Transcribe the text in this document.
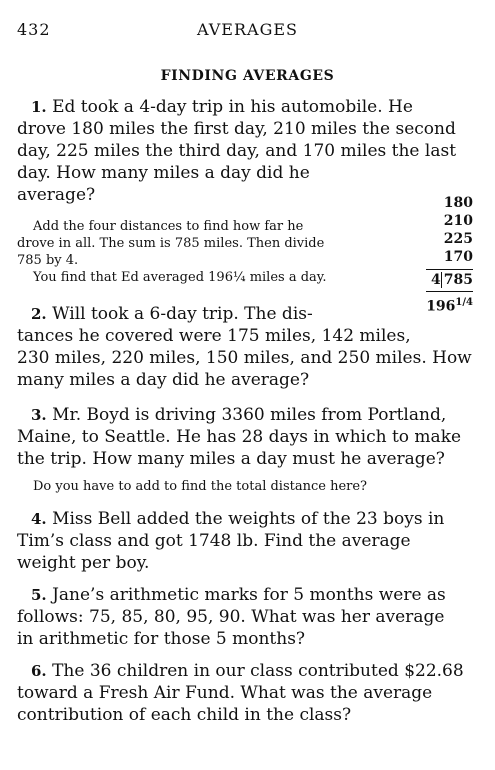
432	AVERAGES
FINDING AVERAGES
1. Ed took a 4-day trip in his automobile. He
drove 180 miles the first day, 210 miles the second
day, 225 miles the third day, and 170 miles the last
day. How many miles a day did he
average?
Add the four distances to find how far he
drove in all. The sum is 785 miles. Then divide
785 by 4.
You find that Ed averaged 196¼ miles a day.
180
210
225
170
4 785
$196^{1/4}$
2. Will took a 6-day trip. The dis-
tances he covered were 175 miles, 142 miles,
230 miles, 220 miles, 150 miles, and 250 miles. How
many miles a day did he average?
3. Mr. Boyd is driving 3360 miles from Portland,
Maine, to Seattle. He has 28 days in which to make
the trip. How many miles a day must he average?
Do you have to add to find the total distance here?
4. Miss Bell added the weights of the 23 boys in
Tim’s class and got 1748 lb. Find the average
weight per boy.
5. Jane’s arithmetic marks for 5 months were as
follows: 75, 85, 80, 95, 90. What was her average
in arithmetic for those 5 months?
6. The 36 children in our class contributed $22.68
toward a Fresh Air Fund. What was the average
contribution of each child in the class?
